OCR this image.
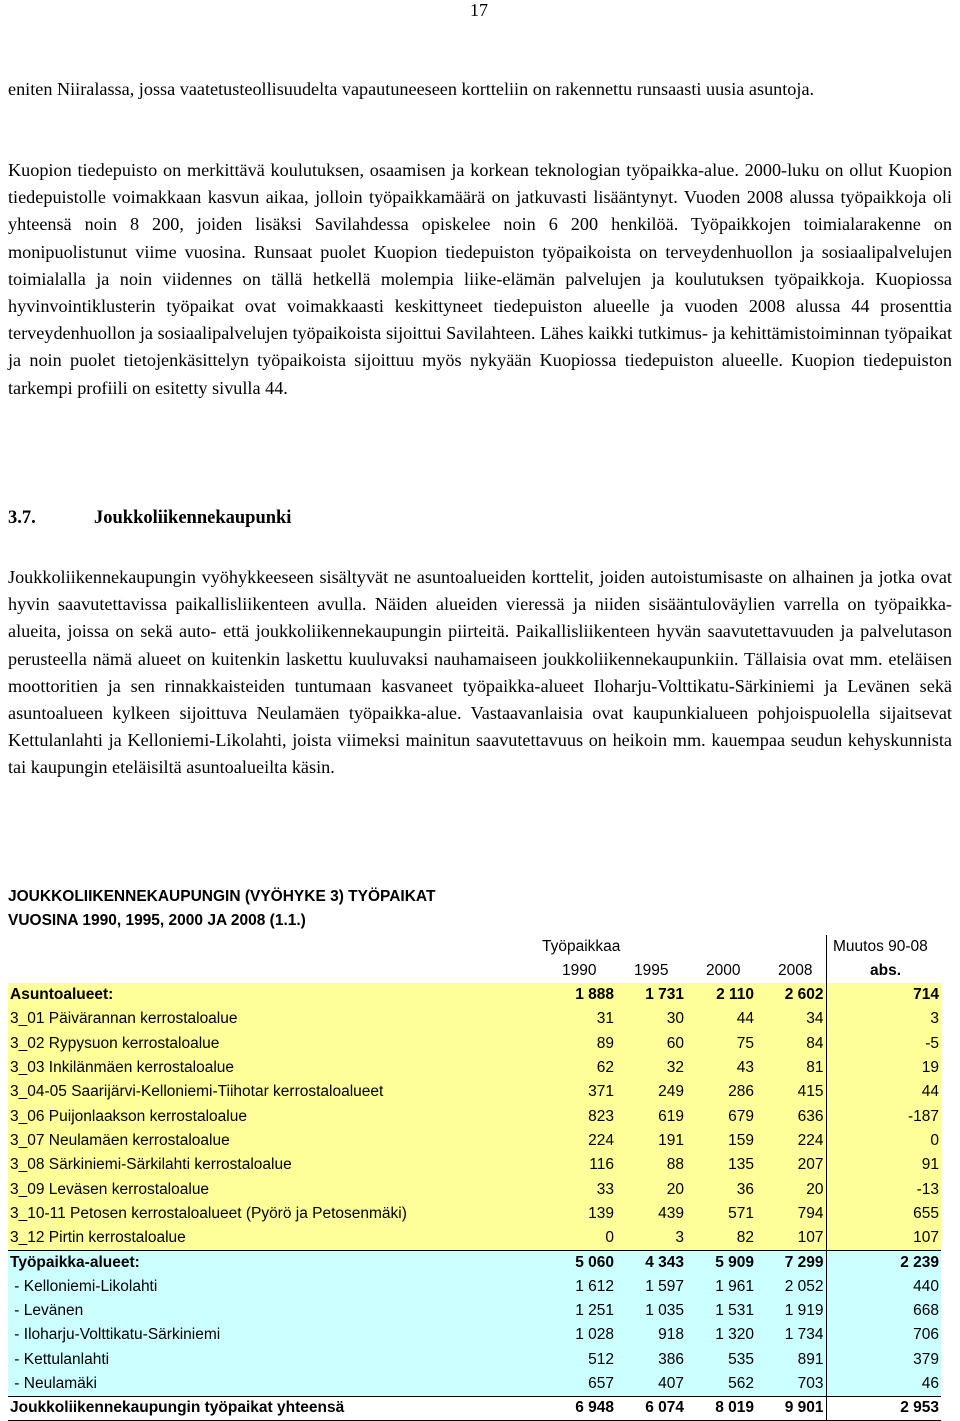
17

eniten Niiralassa, jossa vaatetusteollisuudelta vapautuneeseen kortteliin on rakennettu runsaasti uusia asuntoja.

Kuopion tiedepuisto on merkittävä koulutuksen, osaamisen ja korkean teknologian työpaikka-alue. 2000-luku on ollut Kuopion tiedepuistolle voimakkaan kasvun aikaa, jolloin työpaikkamäärä on jatkuvasti lisääntynyt. Vuoden 2008 alussa työpaikkoja oli yhteensä noin 8 200, joiden lisäksi Savilahdessa opiskelee noin 6 200 henkilöä. Työpaikkojen toimialarakenne on monipuolistunut viime vuosina. Runsaat puolet Kuopion tiedepuiston työpaikoista on terveydenhuollon ja sosiaalipalvelujen toimialalla ja noin viidennes on tällä hetkellä molempia liike-elämän palvelujen ja koulutuksen työpaikkoja. Kuopiossa hyvinvointiklusterin työpaikat ovat voimakkaasti keskittyneet tiedepuiston alueelle ja vuoden 2008 alussa 44 prosenttia terveydenhuollon ja sosiaalipalvelujen työpaikoista sijoittui Savilahteen. Lähes kaikki tutkimus- ja kehittämistoiminnan työpaikat ja noin puolet tietojenkäsittelyn työpaikoista sijoittuu myös nykyään Kuopiossa tiedepuiston alueelle. Kuopion tiedepuiston tarkempi profiili on esitetty sivulla 44.

3.7.	Joukkoliikennekaupunki

Joukkoliikennekaupungin vyöhykkeeseen sisältyvät ne asuntoalueiden korttelit, joiden autoistumisaste on alhainen ja jotka ovat hyvin saavutettavissa paikallisliikenteen avulla. Näiden alueiden vieressä ja niiden sisääntuloväylien varrella on työpaikka-alueita, joissa on sekä auto- että joukkoliikennekaupungin piirteitä. Paikallisliikenteen hyvän saavutettavuuden ja palvelutason perusteella nämä alueet on kuitenkin laskettu kuuluvaksi nauhamaiseen joukkoliikennekaupunkiin. Tällaisia ovat mm. eteläisen moottoritien ja sen rinnakkaisteiden tuntumaan kasvaneet työpaikka-alueet Iloharju-Volttikatu-Särkiniemi ja Levänen sekä asuntoalueen kylkeen sijoittuva Neulamäen työpaikka-alue. Vastaavanlaisia ovat kaupunkialueen pohjoispuolella sijaitsevat Kettulanlahti ja Kelloniemi-Likolahti, joista viimeksi mainitun saavutettavuus on heikoin mm. kauempaa seudun kehyskunnista tai kaupungin eteläisiltä asuntoalueilta käsin.

JOUKKOLIIKENNEKAUPUNGIN (VYÖHYKE 3) TYÖPAIKAT
VUOSINA 1990, 1995, 2000 JA 2008 (1.1.)
Työpaikkaa	Muutos 90-08
1990 1995 2000 2008	abs.
Asuntoalueet:	1 888	1 731	2 110	2 602	714
3_01 Päivärannan kerrostaloalue	31	30	44	34	3
3_02 Rypysuon kerrostaloalue	89	60	75	84	-5
3_03 Inkilänmäen kerrostaloalue	62	32	43	81	19
3_04-05 Saarijärvi-Kelloniemi-Tiihotar kerrostaloalueet	371	249	286	415	44
3_06 Puijonlaakson kerrostaloalue	823	619	679	636	-187
3_07 Neulamäen kerrostaloalue	224	191	159	224	0
3_08 Särkiniemi-Särkilahti kerrostaloalue	116	88	135	207	91
3_09 Leväsen kerrostaloalue	33	20	36	20	-13
3_10-11 Petosen kerrostaloalueet (Pyörö ja Petosenmäki)	139	439	571	794	655
3_12 Pirtin kerrostaloalue	0	3	82	107	107
Työpaikka-alueet:	5 060	4 343	5 909	7 299	2 239
- Kelloniemi-Likolahti	1 612	1 597	1 961	2 052	440
- Levänen	1 251	1 035	1 531	1 919	668
- Iloharju-Volttikatu-Särkiniemi	1 028	918	1 320	1 734	706
- Kettulanlahti	512	386	535	891	379
- Neulamäki	657	407	562	703	46
Joukkoliikennekaupungin työpaikat yhteensä	6 948	6 074	8 019	9 901	2 953
